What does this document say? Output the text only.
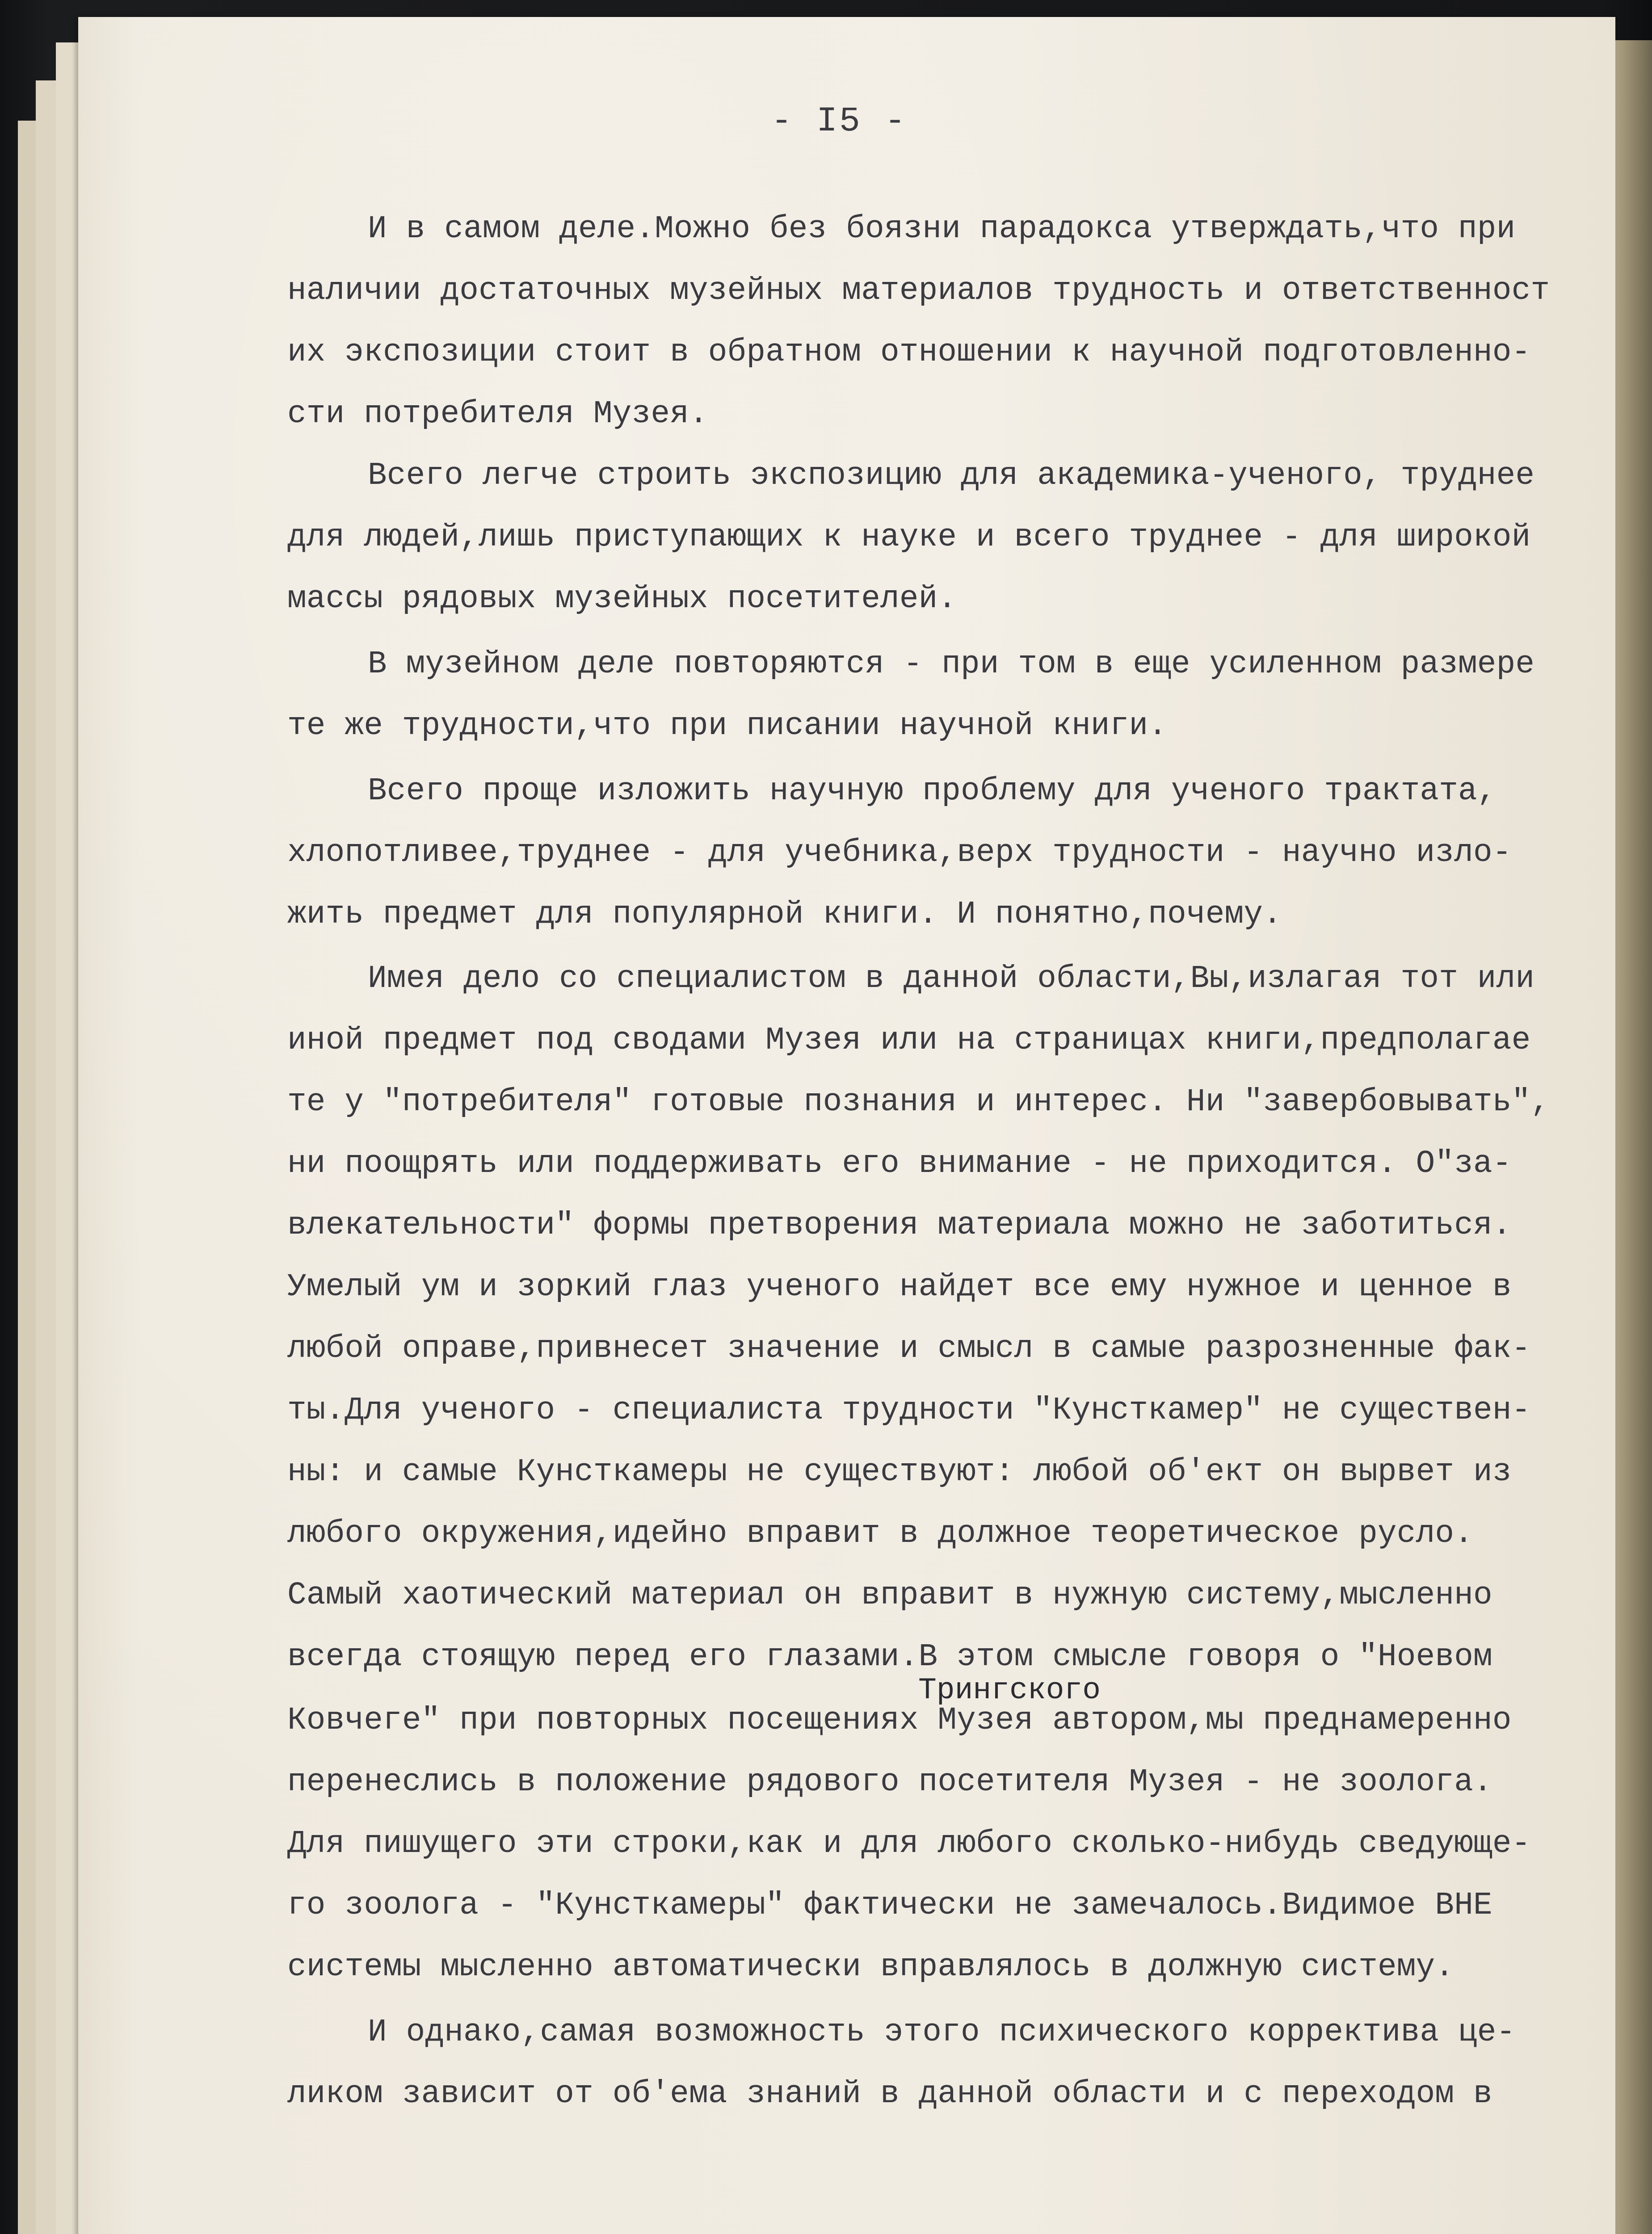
- I5 -
И в самом деле.Можно без боязни парадокса утверждать,что при
наличии достаточных музейных материалов трудность и ответственност
их экспозиции стоит в обратном отношении к научной подготовленно-
сти потребителя Музея.
Всего легче строить экспозицию для академика-ученого, труднее
для людей,лишь приступающих к науке и всего труднее - для широкой
массы рядовых музейных посетителей.
В музейном деле повторяются - при том в еще усиленном размере
те же трудности,что при писании научной книги.
Всего проще изложить научную проблему для ученого трактата,
хлопотливее,труднее - для учебника,верх трудности - научно изло-
жить предмет для популярной книги. И понятно,почему.
Имея дело со специалистом в данной области,Вы,излагая тот или
иной предмет под сводами Музея или на страницах книги,предполагае
те у "потребителя" готовые познания и интерес. Ни "завербовывать",
ни поощрять или поддерживать его внимание - не приходится. О"за-
влекательности" формы претворения материала можно не заботиться.
Умелый ум и зоркий глаз ученого найдет все ему нужное и ценное в
любой оправе,привнесет значение и смысл в самые разрозненные фак-
ты.Для ученого - специалиста трудности "Кунсткамер" не существен-
ны: и самые Кунсткамеры не существуют: любой об'ект он вырвет из
любого окружения,идейно вправит в должное теоретическое русло.
Самый хаотический материал он вправит в нужную систему,мысленно
всегда стоящую перед его глазами.В этом смысле говоря о "Ноевом
Трингского
Ковчеге" при повторных посещениях Музея автором,мы преднамеренно
перенеслись в положение рядового посетителя Музея - не зоолога.
Для пишущего эти строки,как и для любого сколько-нибудь сведующе-
го зоолога - "Кунсткамеры" фактически не замечалось.Видимое ВНЕ
системы мысленно автоматически вправлялось в должную систему.
И однако,самая возможность этого психического корректива це-
ликом зависит от об'ема знаний в данной области и с переходом в
